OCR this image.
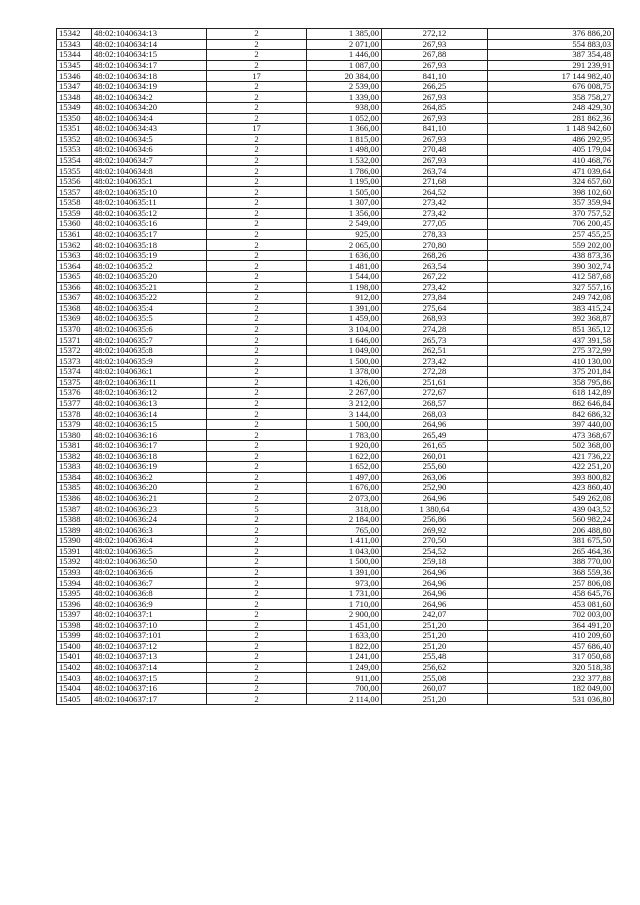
15342	48:02:1040634:13	2	1 385,00	272,12	376 886,20
15343	48:02:1040634:14	2	2 071,00	267,93	554 883,03
15344	48:02:1040634:15	2	1 446,00	267,88	387 354,48
15345	48:02:1040634:17	2	1 087,00	267,93	291 239,91
15346	48:02:1040634:18	17	20 384,00	841,10	17 144 982,40
15347	48:02:1040634:19	2	2 539,00	266,25	676 008,75
15348	48:02:1040634:2	2	1 339,00	267,93	358 758,27
15349	48:02:1040634:20	2	938,00	264,85	248 429,30
15350	48:02:1040634:4	2	1 052,00	267,93	281 862,36
15351	48:02:1040634:43	17	1 366,00	841,10	1 148 942,60
15352	48:02:1040634:5	2	1 815,00	267,93	486 292,95
15353	48:02:1040634:6	2	1 498,00	270,48	405 179,04
15354	48:02:1040634:7	2	1 532,00	267,93	410 468,76
15355	48:02:1040634:8	2	1 786,00	263,74	471 039,64
15356	48:02:1040635:1	2	1 195,00	271,68	324 657,60
15357	48:02:1040635:10	2	1 505,00	264,52	398 102,60
15358	48:02:1040635:11	2	1 307,00	273,42	357 359,94
15359	48:02:1040635:12	2	1 356,00	273,42	370 757,52
15360	48:02:1040635:16	2	2 549,00	277,05	706 200,45
15361	48:02:1040635:17	2	925,00	278,33	257 455,25
15362	48:02:1040635:18	2	2 065,00	270,80	559 202,00
15363	48:02:1040635:19	2	1 636,00	268,26	438 873,36
15364	48:02:1040635:2	2	1 481,00	263,54	390 302,74
15365	48:02:1040635:20	2	1 544,00	267,22	412 587,68
15366	48:02:1040635:21	2	1 198,00	273,42	327 557,16
15367	48:02:1040635:22	2	912,00	273,84	249 742,08
15368	48:02:1040635:4	2	1 391,00	275,64	383 415,24
15369	48:02:1040635:5	2	1 459,00	268,93	392 368,87
15370	48:02:1040635:6	2	3 104,00	274,28	851 365,12
15371	48:02:1040635:7	2	1 646,00	265,73	437 391,58
15372	48:02:1040635:8	2	1 049,00	262,51	275 372,99
15373	48:02:1040635:9	2	1 500,00	273,42	410 130,00
15374	48:02:1040636:1	2	1 378,00	272,28	375 201,84
15375	48:02:1040636:11	2	1 426,00	251,61	358 795,86
15376	48:02:1040636:12	2	2 267,00	272,67	618 142,89
15377	48:02:1040636:13	2	3 212,00	268,57	862 646,84
15378	48:02:1040636:14	2	3 144,00	268,03	842 686,32
15379	48:02:1040636:15	2	1 500,00	264,96	397 440,00
15380	48:02:1040636:16	2	1 783,00	265,49	473 368,67
15381	48:02:1040636:17	2	1 920,00	261,65	502 368,00
15382	48:02:1040636:18	2	1 622,00	260,01	421 736,22
15383	48:02:1040636:19	2	1 652,00	255,60	422 251,20
15384	48:02:1040636:2	2	1 497,00	263,06	393 800,82
15385	48:02:1040636:20	2	1 676,00	252,90	423 860,40
15386	48:02:1040636:21	2	2 073,00	264,96	549 262,08
15387	48:02:1040636:23	5	318,00	1 380,64	439 043,52
15388	48:02:1040636:24	2	2 184,00	256,86	560 982,24
15389	48:02:1040636:3	2	765,00	269,92	206 488,80
15390	48:02:1040636:4	2	1 411,00	270,50	381 675,50
15391	48:02:1040636:5	2	1 043,00	254,52	265 464,36
15392	48:02:1040636:50	2	1 500,00	259,18	388 770,00
15393	48:02:1040636:6	2	1 391,00	264,96	368 559,36
15394	48:02:1040636:7	2	973,00	264,96	257 806,08
15395	48:02:1040636:8	2	1 731,00	264,96	458 645,76
15396	48:02:1040636:9	2	1 710,00	264,96	453 081,60
15397	48:02:1040637:1	2	2 900,00	242,07	702 003,00
15398	48:02:1040637:10	2	1 451,00	251,20	364 491,20
15399	48:02:1040637:101	2	1 633,00	251,20	410 209,60
15400	48:02:1040637:12	2	1 822,00	251,20	457 686,40
15401	48:02:1040637:13	2	1 241,00	255,48	317 050,68
15402	48:02:1040637:14	2	1 249,00	256,62	320 518,38
15403	48:02:1040637:15	2	911,00	255,08	232 377,88
15404	48:02:1040637:16	2	700,00	260,07	182 049,00
15405	48:02:1040637:17	2	2 114,00	251,20	531 036,80
